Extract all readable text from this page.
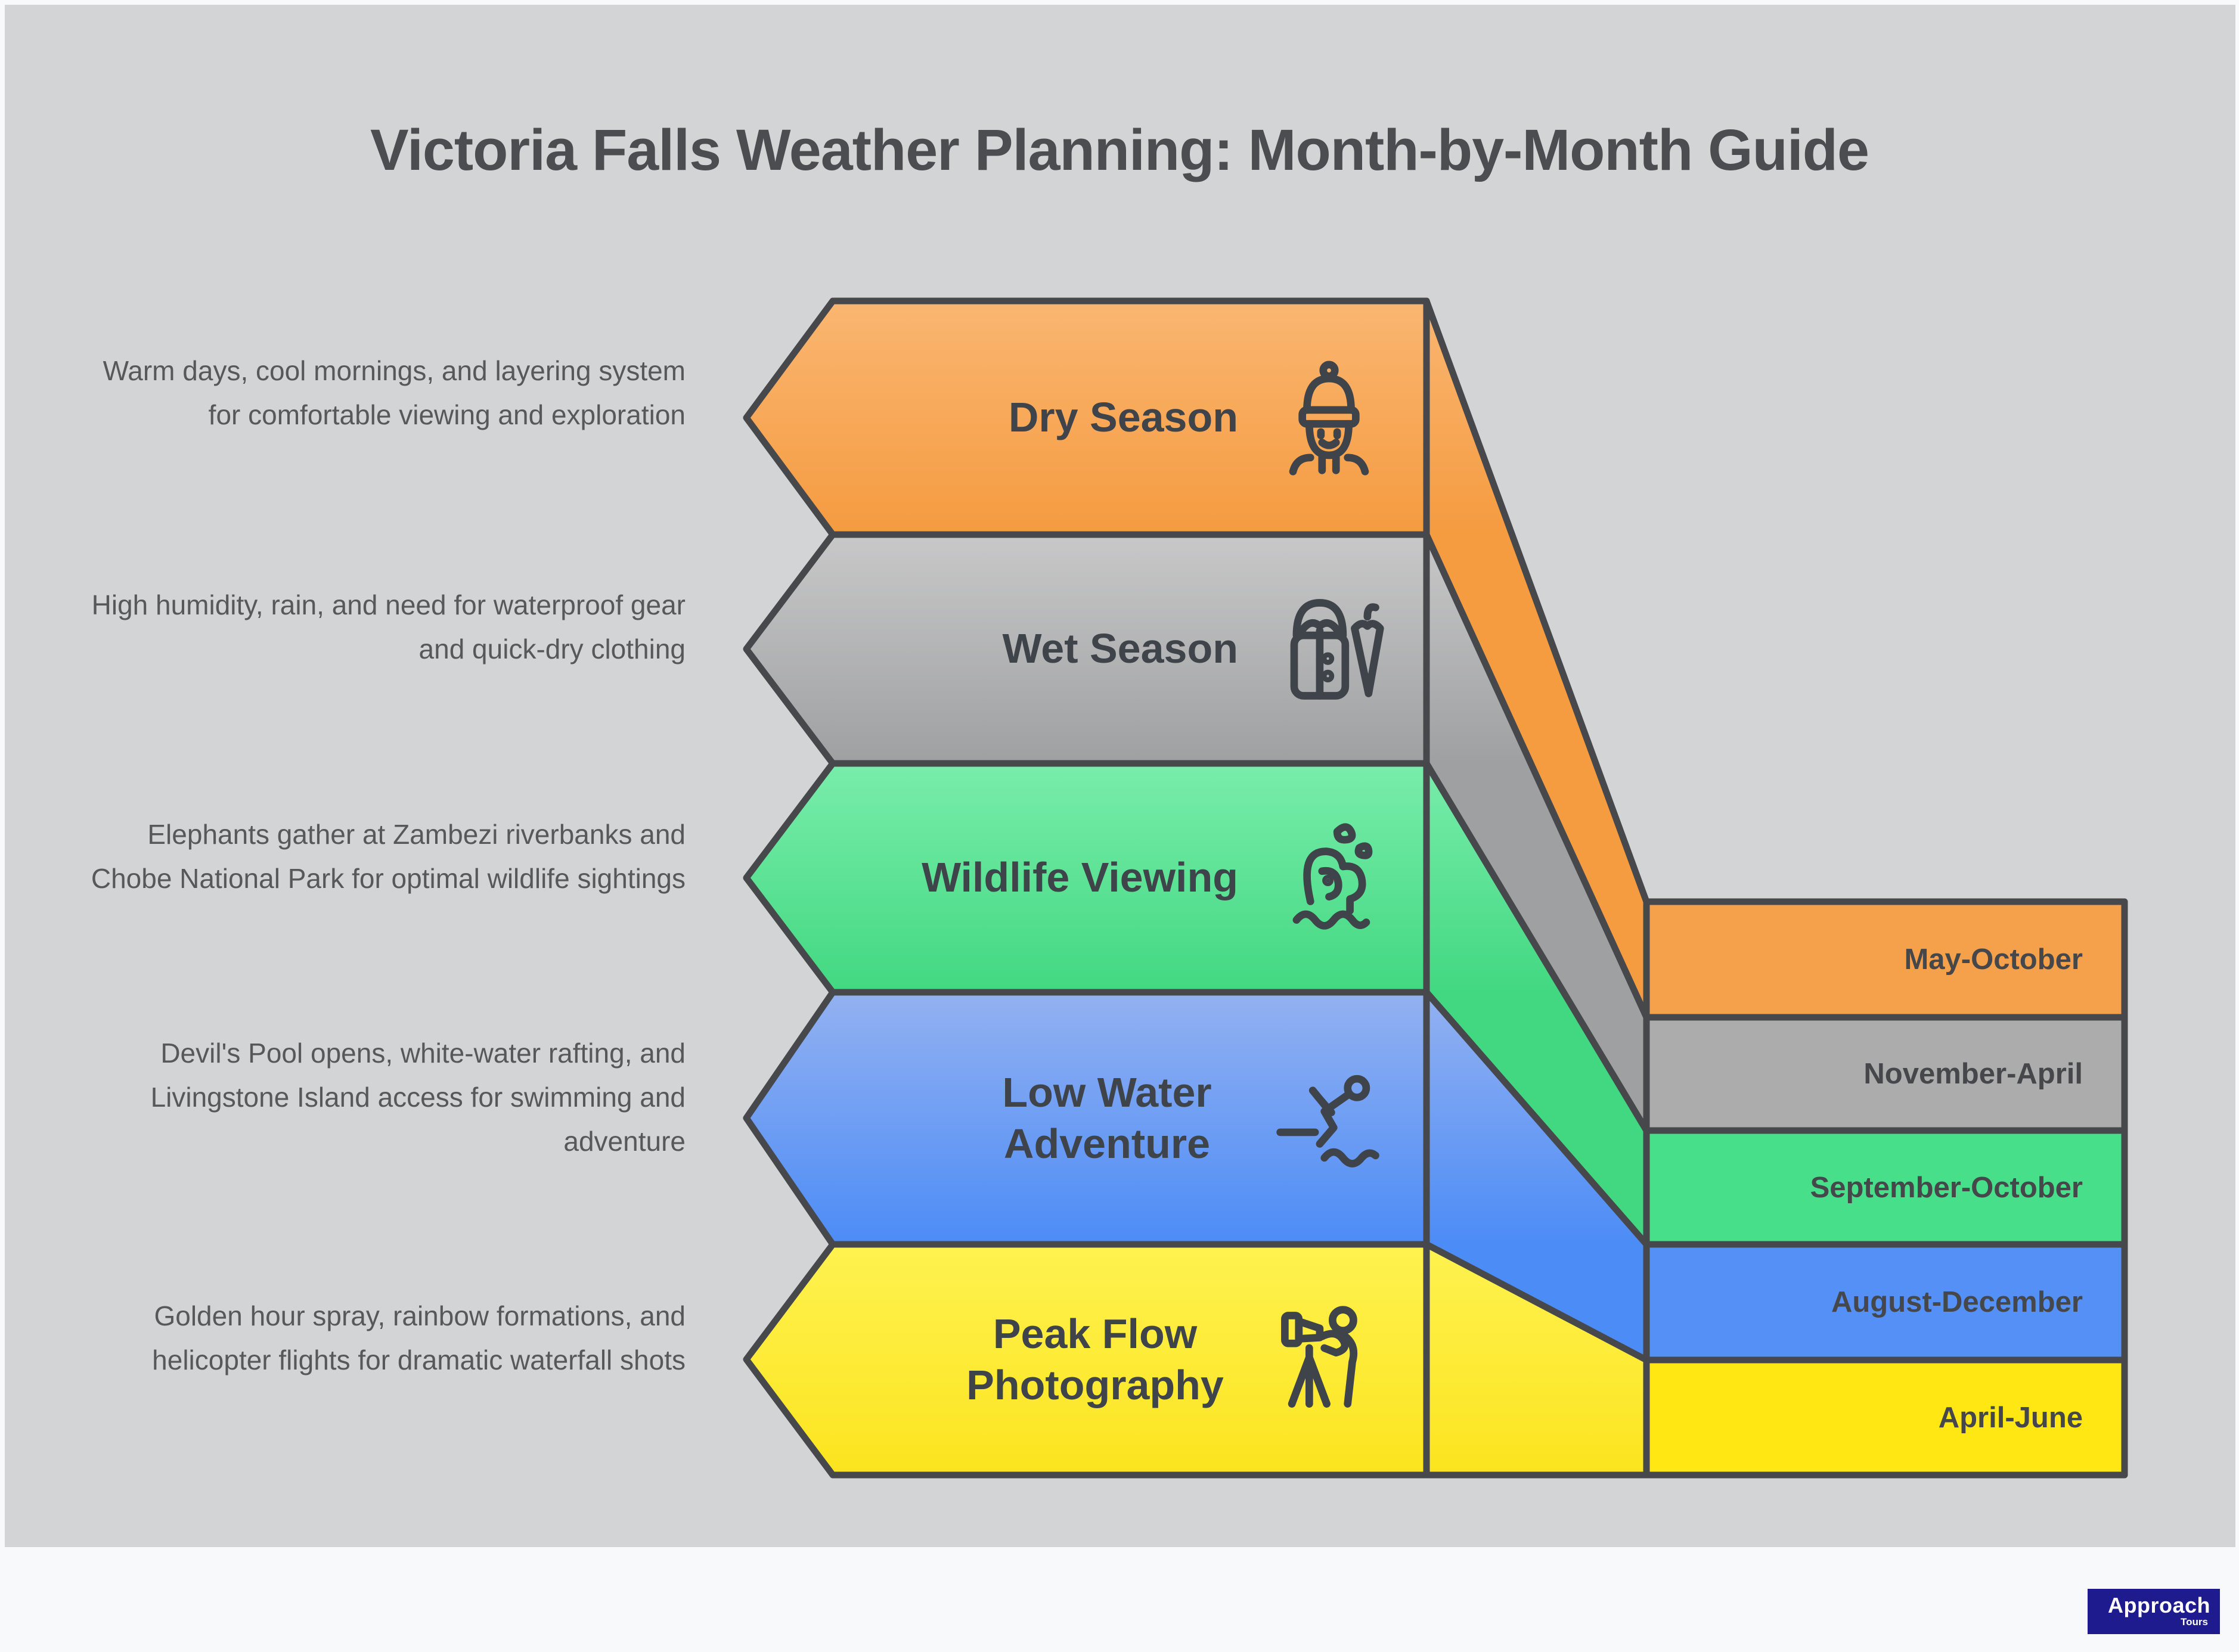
Victoria Falls Weather Planning: Month-by-Month Guide
Warm days, cool mornings, and layering system for comfortable viewing and exploration
High humidity, rain, and need for waterproof gear and quick-dry clothing
Elephants gather at Zambezi riverbanks and Chobe National Park for optimal wildlife sightings
Devil's Pool opens, white-water rafting, and Livingstone Island access for swimming and adventure
Golden hour spray, rainbow formations, and helicopter flights for dramatic waterfall shots
Dry Season
Wet Season
Wildlife Viewing
Low Water Adventure
Peak Flow Photography
May-October
November-April
September-October
August-December
April-June
Approach
Tours
